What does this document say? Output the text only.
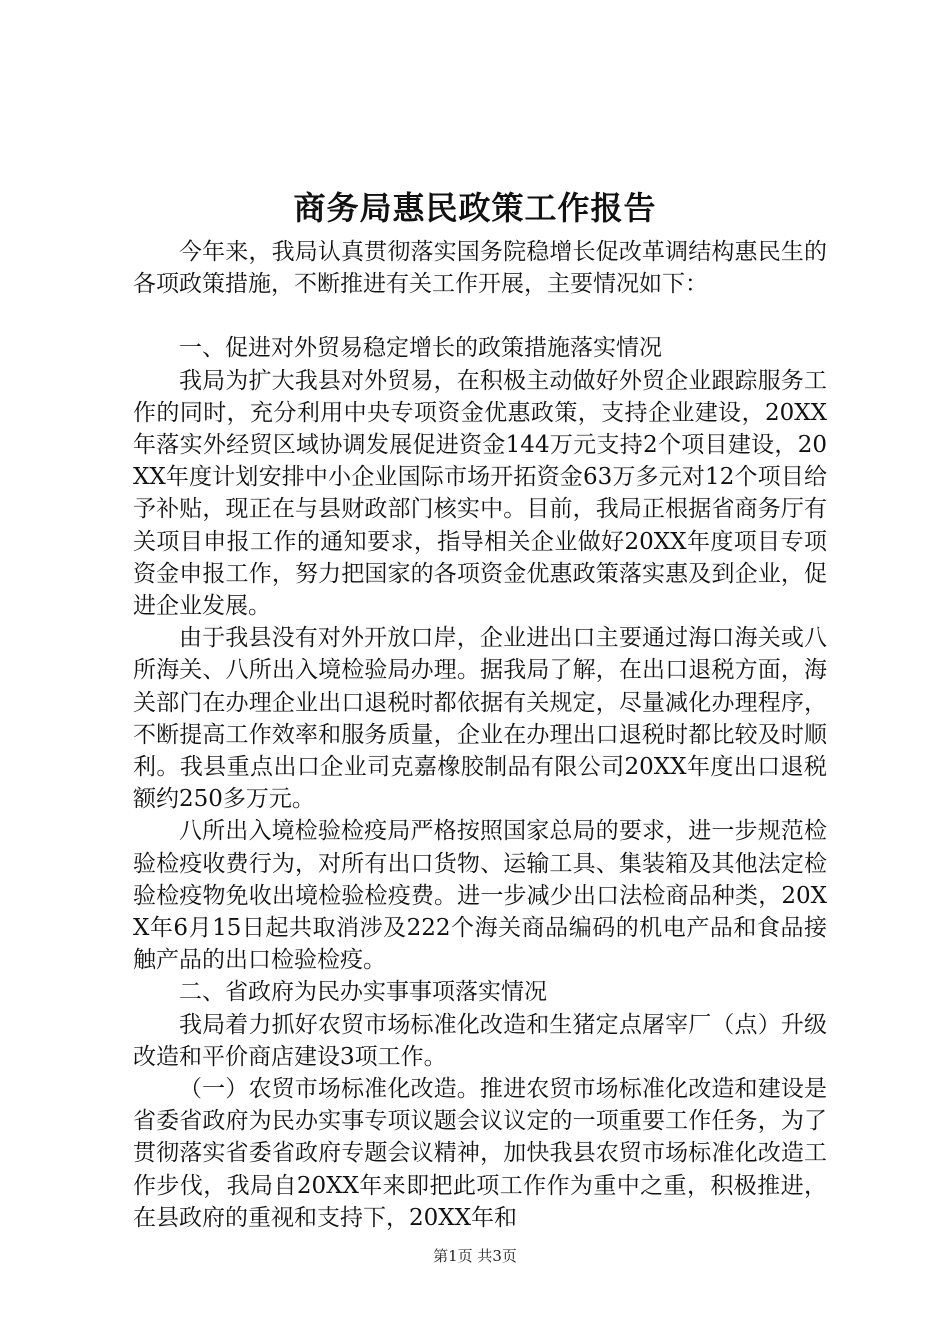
商务局惠民政策工作报告

今年来，我局认真贯彻落实国务院稳增长促改革调结构惠民生的各项政策措施，不断推进有关工作开展，主要情况如下：

一、促进对外贸易稳定增长的政策措施落实情况

我局为扩大我县对外贸易，在积极主动做好外贸企业跟踪服务工作的同时，充分利用中央专项资金优惠政策，支持企业建设，20XX年落实外经贸区域协调发展促进资金144万元支持2个项目建设，20XX年度计划安排中小企业国际市场开拓资金63万多元对12个项目给予补贴，现正在与县财政部门核实中。目前，我局正根据省商务厅有关项目申报工作的通知要求，指导相关企业做好20XX年度项目专项资金申报工作，努力把国家的各项资金优惠政策落实惠及到企业，促进企业发展。

由于我县没有对外开放口岸，企业进出口主要通过海口海关或八所海关、八所出入境检验局办理。据我局了解，在出口退税方面，海关部门在办理企业出口退税时都依据有关规定，尽量减化办理程序，不断提高工作效率和服务质量，企业在办理出口退税时都比较及时顺利。我县重点出口企业司克嘉橡胶制品有限公司20XX年度出口退税额约250多万元。

八所出入境检验检疫局严格按照国家总局的要求，进一步规范检验检疫收费行为，对所有出口货物、运输工具、集装箱及其他法定检验检疫物免收出境检验检疫费。进一步减少出口法检商品种类，20XX年6月15日起共取消涉及222个海关商品编码的机电产品和食品接触产品的出口检验检疫。

二、省政府为民办实事事项落实情况

我局着力抓好农贸市场标准化改造和生猪定点屠宰厂（点）升级改造和平价商店建设3项工作。

（一）农贸市场标准化改造。推进农贸市场标准化改造和建设是省委省政府为民办实事专项议题会议议定的一项重要工作任务，为了贯彻落实省委省政府专题会议精神，加快我县农贸市场标准化改造工作步伐，我局自20XX年来即把此项工作作为重中之重，积极推进，在县政府的重视和支持下，20XX年和

第1页 共3页
